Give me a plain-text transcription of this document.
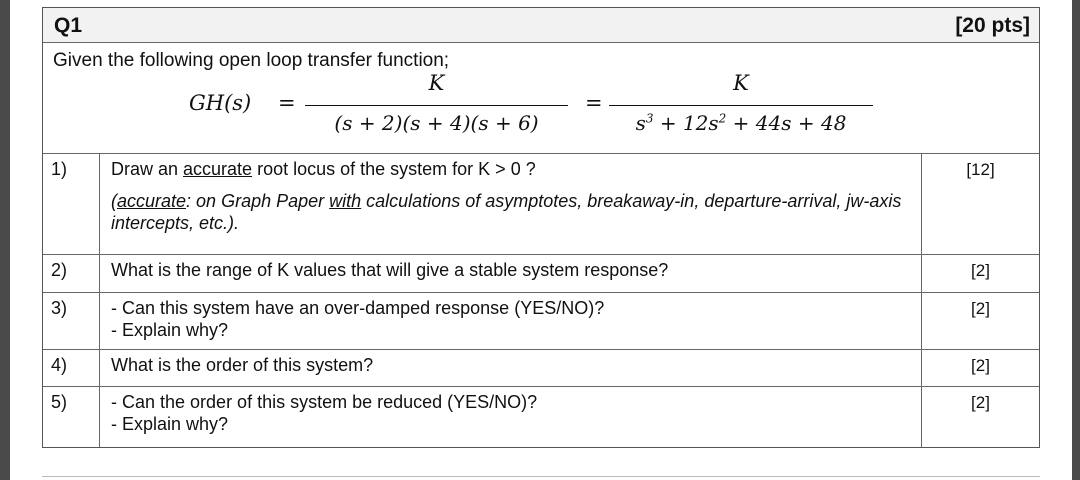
Q1	[20 pts]
Given the following open loop transfer function;
GH(s) =
K
(s + 2)(s + 4)(s + 6)
=
K
$s^3 + 12s^2 + 44s + 48$
1)	Draw an accurate root locus of the system for K > 0 ?
(accurate: on Graph Paper with calculations of asymptotes, breakaway-in, departure-arrival, jw-axis intercepts, etc.).
[12]
2)	What is the range of K values that will give a stable system response?	[2]
3)	- Can this system have an over-damped response (YES/NO)?
- Explain why?
[2]
4)	What is the order of this system?	[2]
5)	- Can the order of this system be reduced (YES/NO)?
- Explain why?
[2]
